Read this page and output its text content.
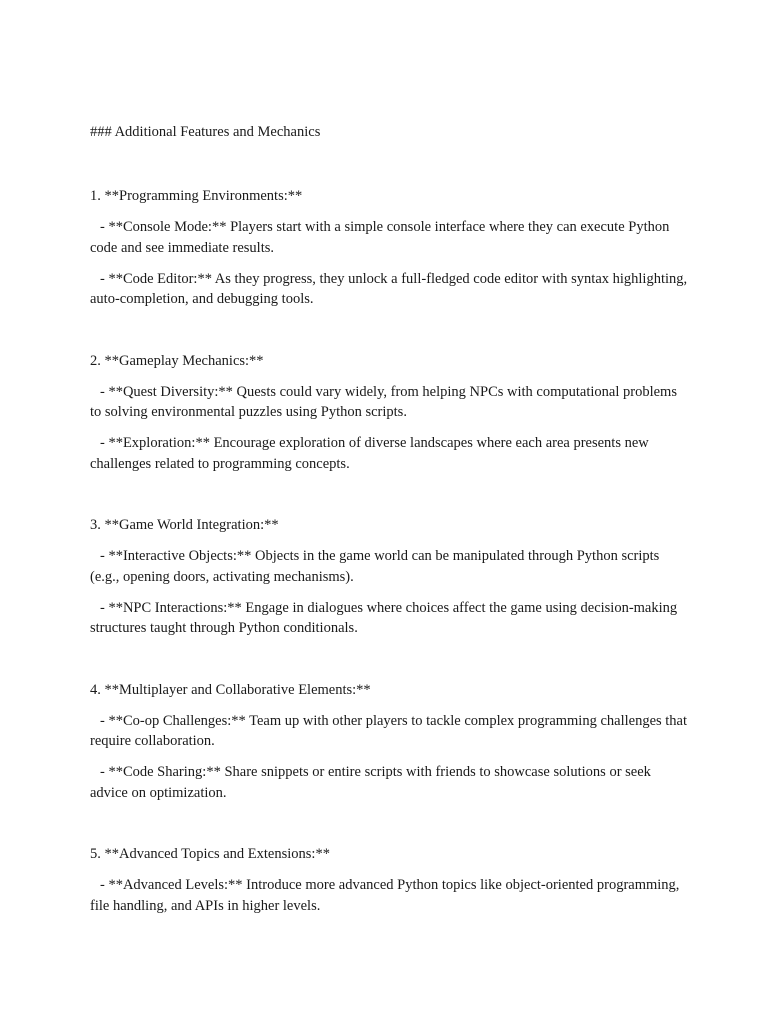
### Additional Features and Mechanics
1. **Programming Environments:**
- **Console Mode:** Players start with a simple console interface where they can execute Python code and see immediate results.
- **Code Editor:** As they progress, they unlock a full-fledged code editor with syntax highlighting, auto-completion, and debugging tools.
2. **Gameplay Mechanics:**
- **Quest Diversity:** Quests could vary widely, from helping NPCs with computational problems to solving environmental puzzles using Python scripts.
- **Exploration:** Encourage exploration of diverse landscapes where each area presents new challenges related to programming concepts.
3. **Game World Integration:**
- **Interactive Objects:** Objects in the game world can be manipulated through Python scripts (e.g., opening doors, activating mechanisms).
- **NPC Interactions:** Engage in dialogues where choices affect the game using decision-making structures taught through Python conditionals.
4. **Multiplayer and Collaborative Elements:**
- **Co-op Challenges:** Team up with other players to tackle complex programming challenges that require collaboration.
- **Code Sharing:** Share snippets or entire scripts with friends to showcase solutions or seek advice on optimization.
5. **Advanced Topics and Extensions:**
- **Advanced Levels:** Introduce more advanced Python topics like object-oriented programming, file handling, and APIs in higher levels.
